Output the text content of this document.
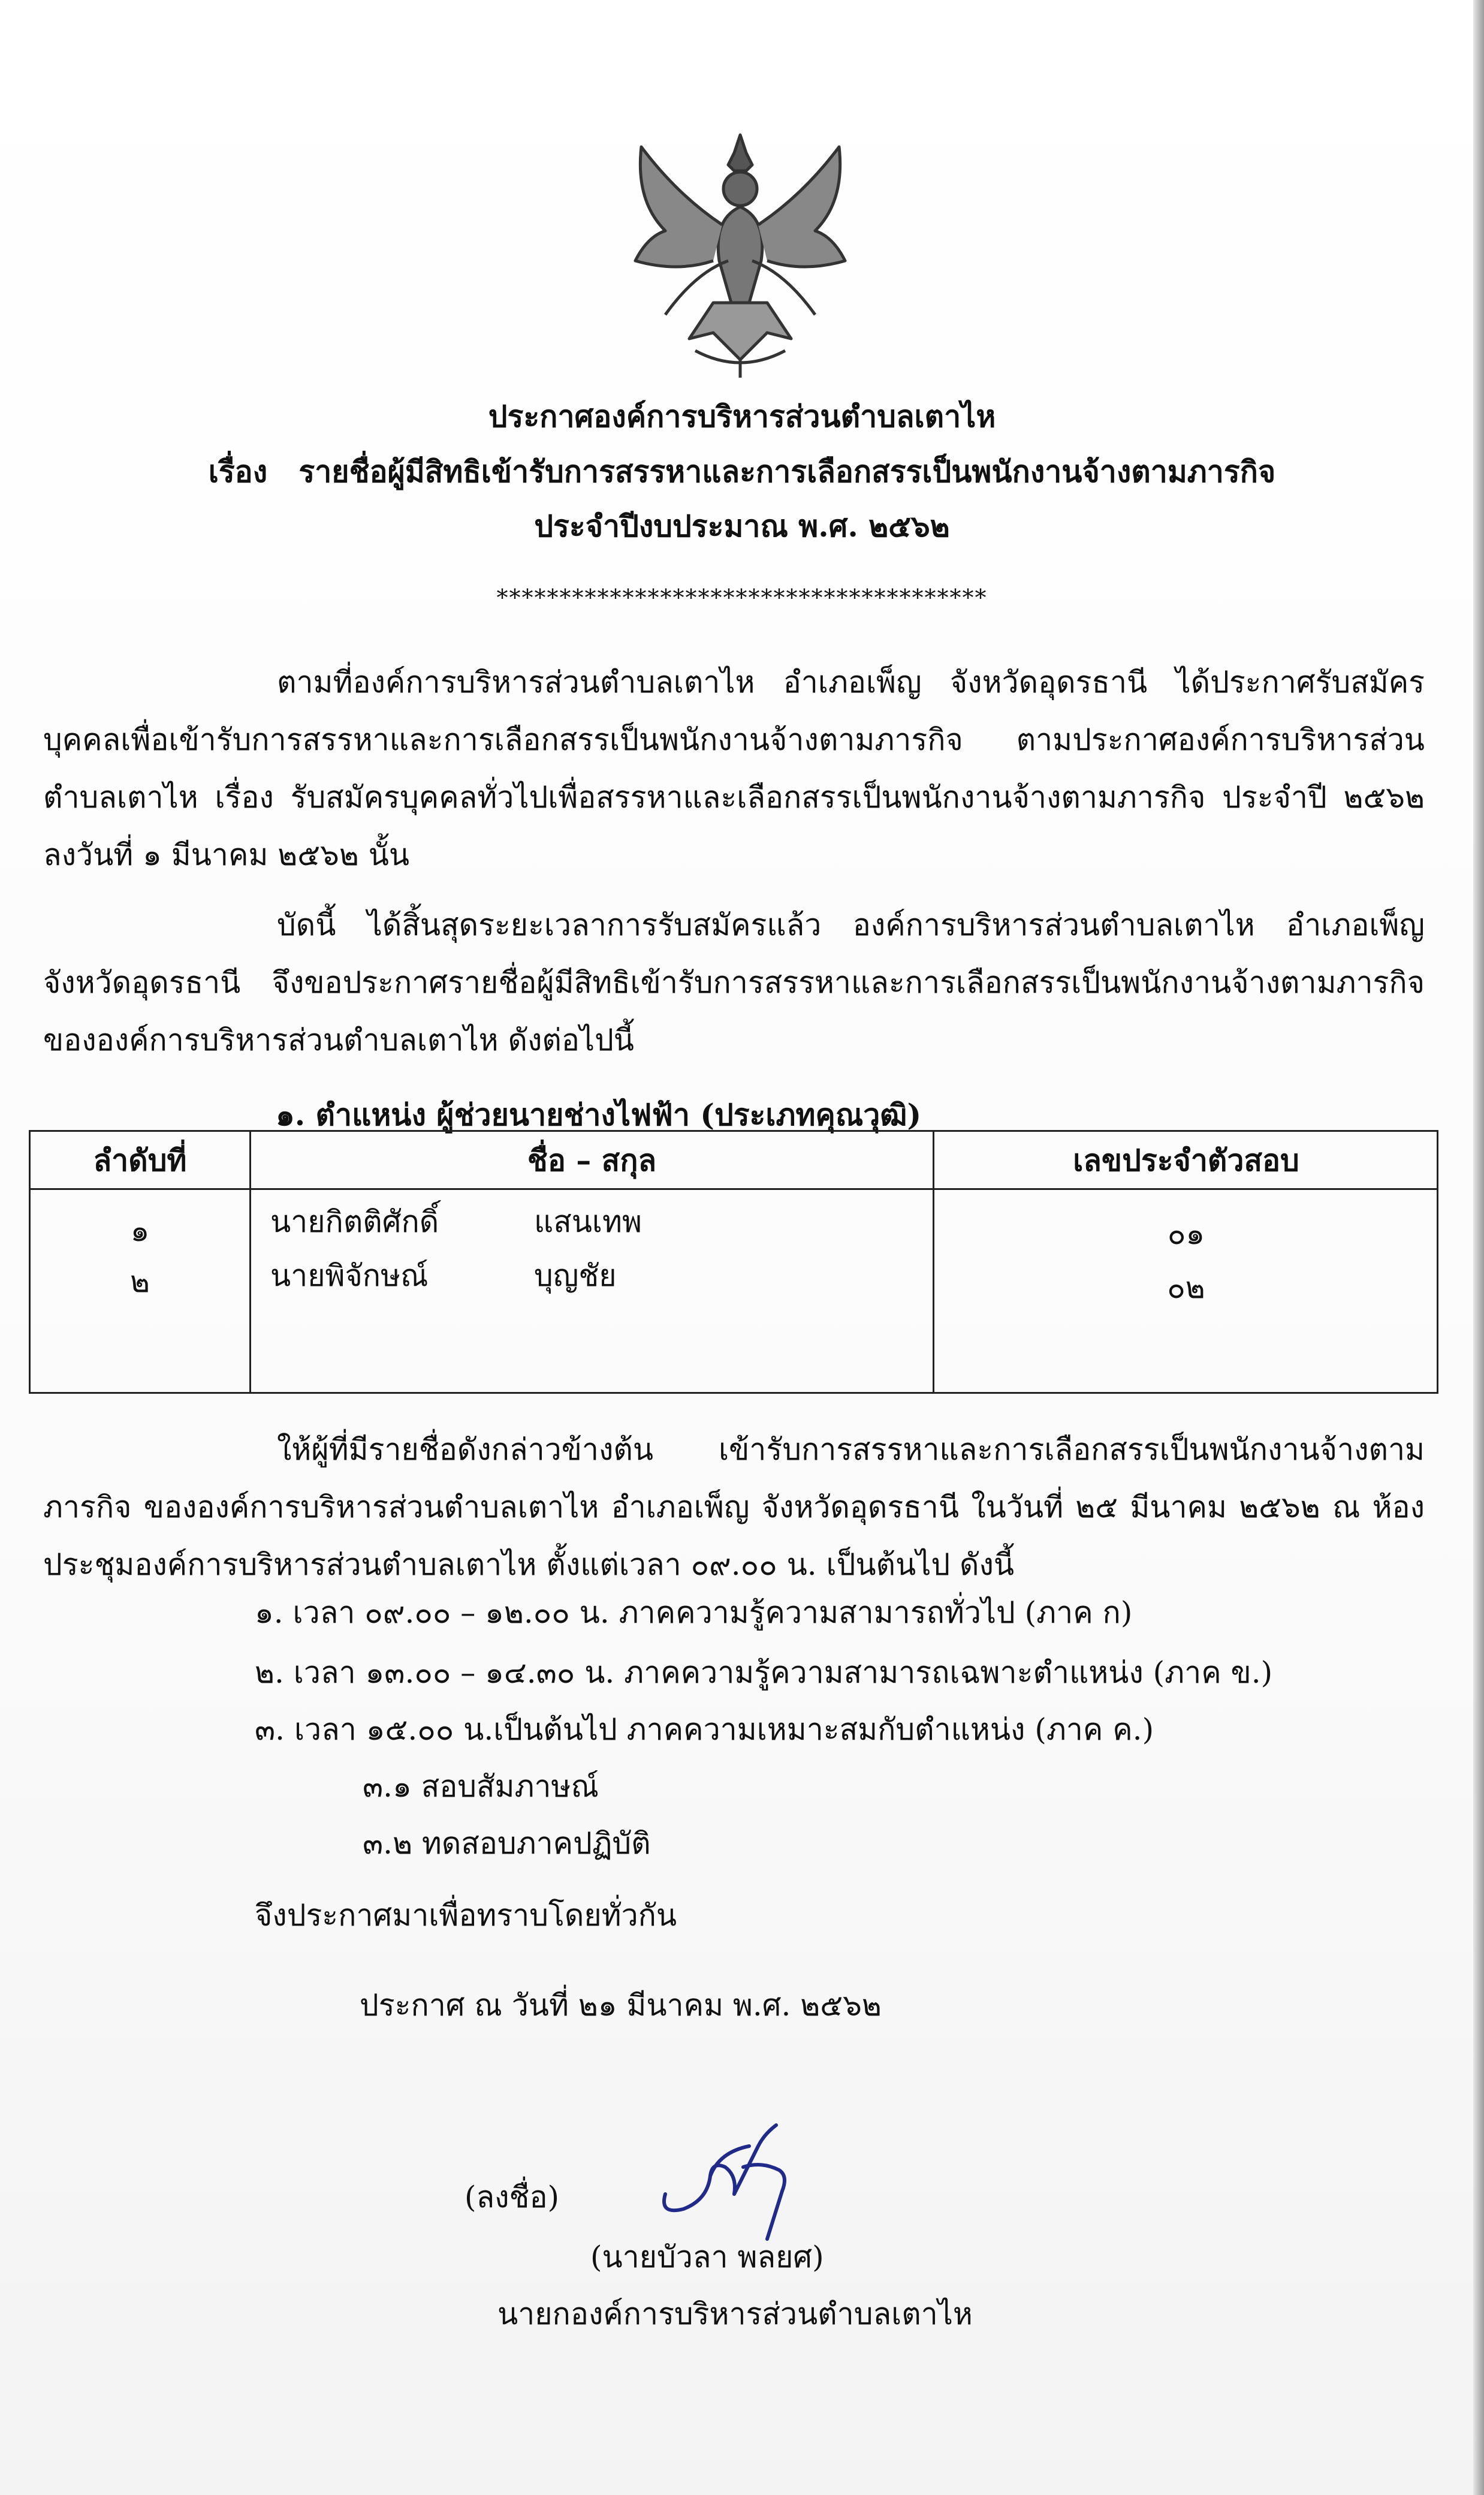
ประกาศองค์การบริหารส่วนตำบลเตาไห
เรื่อง รายชื่อผู้มีสิทธิเข้ารับการสรรหาและการเลือกสรรเป็นพนักงานจ้างตามภารกิจ
ประจำปีงบประมาณ พ.ศ. ๒๕๖๒
***************************************
ตามที่องค์การบริหารส่วนตำบลเตาไห อำเภอเพ็ญ จังหวัดอุดรธานี ได้ประกาศรับสมัครบุคคลเพื่อเข้ารับการสรรหาและการเลือกสรรเป็นพนักงานจ้างตามภารกิจ ตามประกาศองค์การบริหารส่วนตำบลเตาไห เรื่อง รับสมัครบุคคลทั่วไปเพื่อสรรหาและเลือกสรรเป็นพนักงานจ้างตามภารกิจ ประจำปี ๒๕๖๒ ลงวันที่ ๑ มีนาคม ๒๕๖๒ นั้น
บัดนี้ ได้สิ้นสุดระยะเวลาการรับสมัครแล้ว องค์การบริหารส่วนตำบลเตาไห อำเภอเพ็ญ จังหวัดอุดรธานี จึงขอประกาศรายชื่อผู้มีสิทธิเข้ารับการสรรหาและการเลือกสรรเป็นพนักงานจ้างตามภารกิจของ​องค์การบริหารส่วนตำบลเตาไห ดังต่อไปนี้
๑. ตำแหน่ง ผู้ช่วยนายช่างไฟฟ้า (ประเภทคุณวุฒิ)
ลำดับที่	ชื่อ – สกุล	เลขประจำตัวสอบ
๑	นายกิตติศักดิ์	แสนเทพ	๐๑
๒	นายพิจักษณ์	บุญชัย	๐๒
ให้ผู้ที่มีรายชื่อดังกล่าวข้างต้น เข้ารับการสรรหาและการเลือกสรรเป็นพนักงานจ้างตามภารกิจ ขององค์การบริหารส่วนตำบลเตาไห อำเภอเพ็ญ จังหวัดอุดรธานี ในวันที่ ๒๕ มีนาคม ๒๕๖๒ ณ ห้องประชุมองค์การบริหารส่วนตำบลเตาไห ตั้งแต่เวลา ๐๙.๐๐ น. เป็นต้นไป ดังนี้
๑. เวลา ๐๙.๐๐ – ๑๒.๐๐ น. ภาคความรู้ความสามารถทั่วไป (ภาค ก)
๒. เวลา ๑๓.๐๐ – ๑๔.๓๐ น. ภาคความรู้ความสามารถเฉพาะตำแหน่ง (ภาค ข.)
๓. เวลา ๑๕.๐๐ น.เป็นต้นไป ภาคความเหมาะสมกับตำแหน่ง (ภาค ค.)
๓.๑ สอบสัมภาษณ์
๓.๒ ทดสอบภาคปฏิบัติ
จึงประกาศมาเพื่อทราบโดยทั่วกัน
ประกาศ ณ วันที่ ๒๑ มีนาคม พ.ศ. ๒๕๖๒
(ลงชื่อ)
(นายบัวลา พลยศ)
นายกองค์การบริหารส่วนตำบลเตาไห
